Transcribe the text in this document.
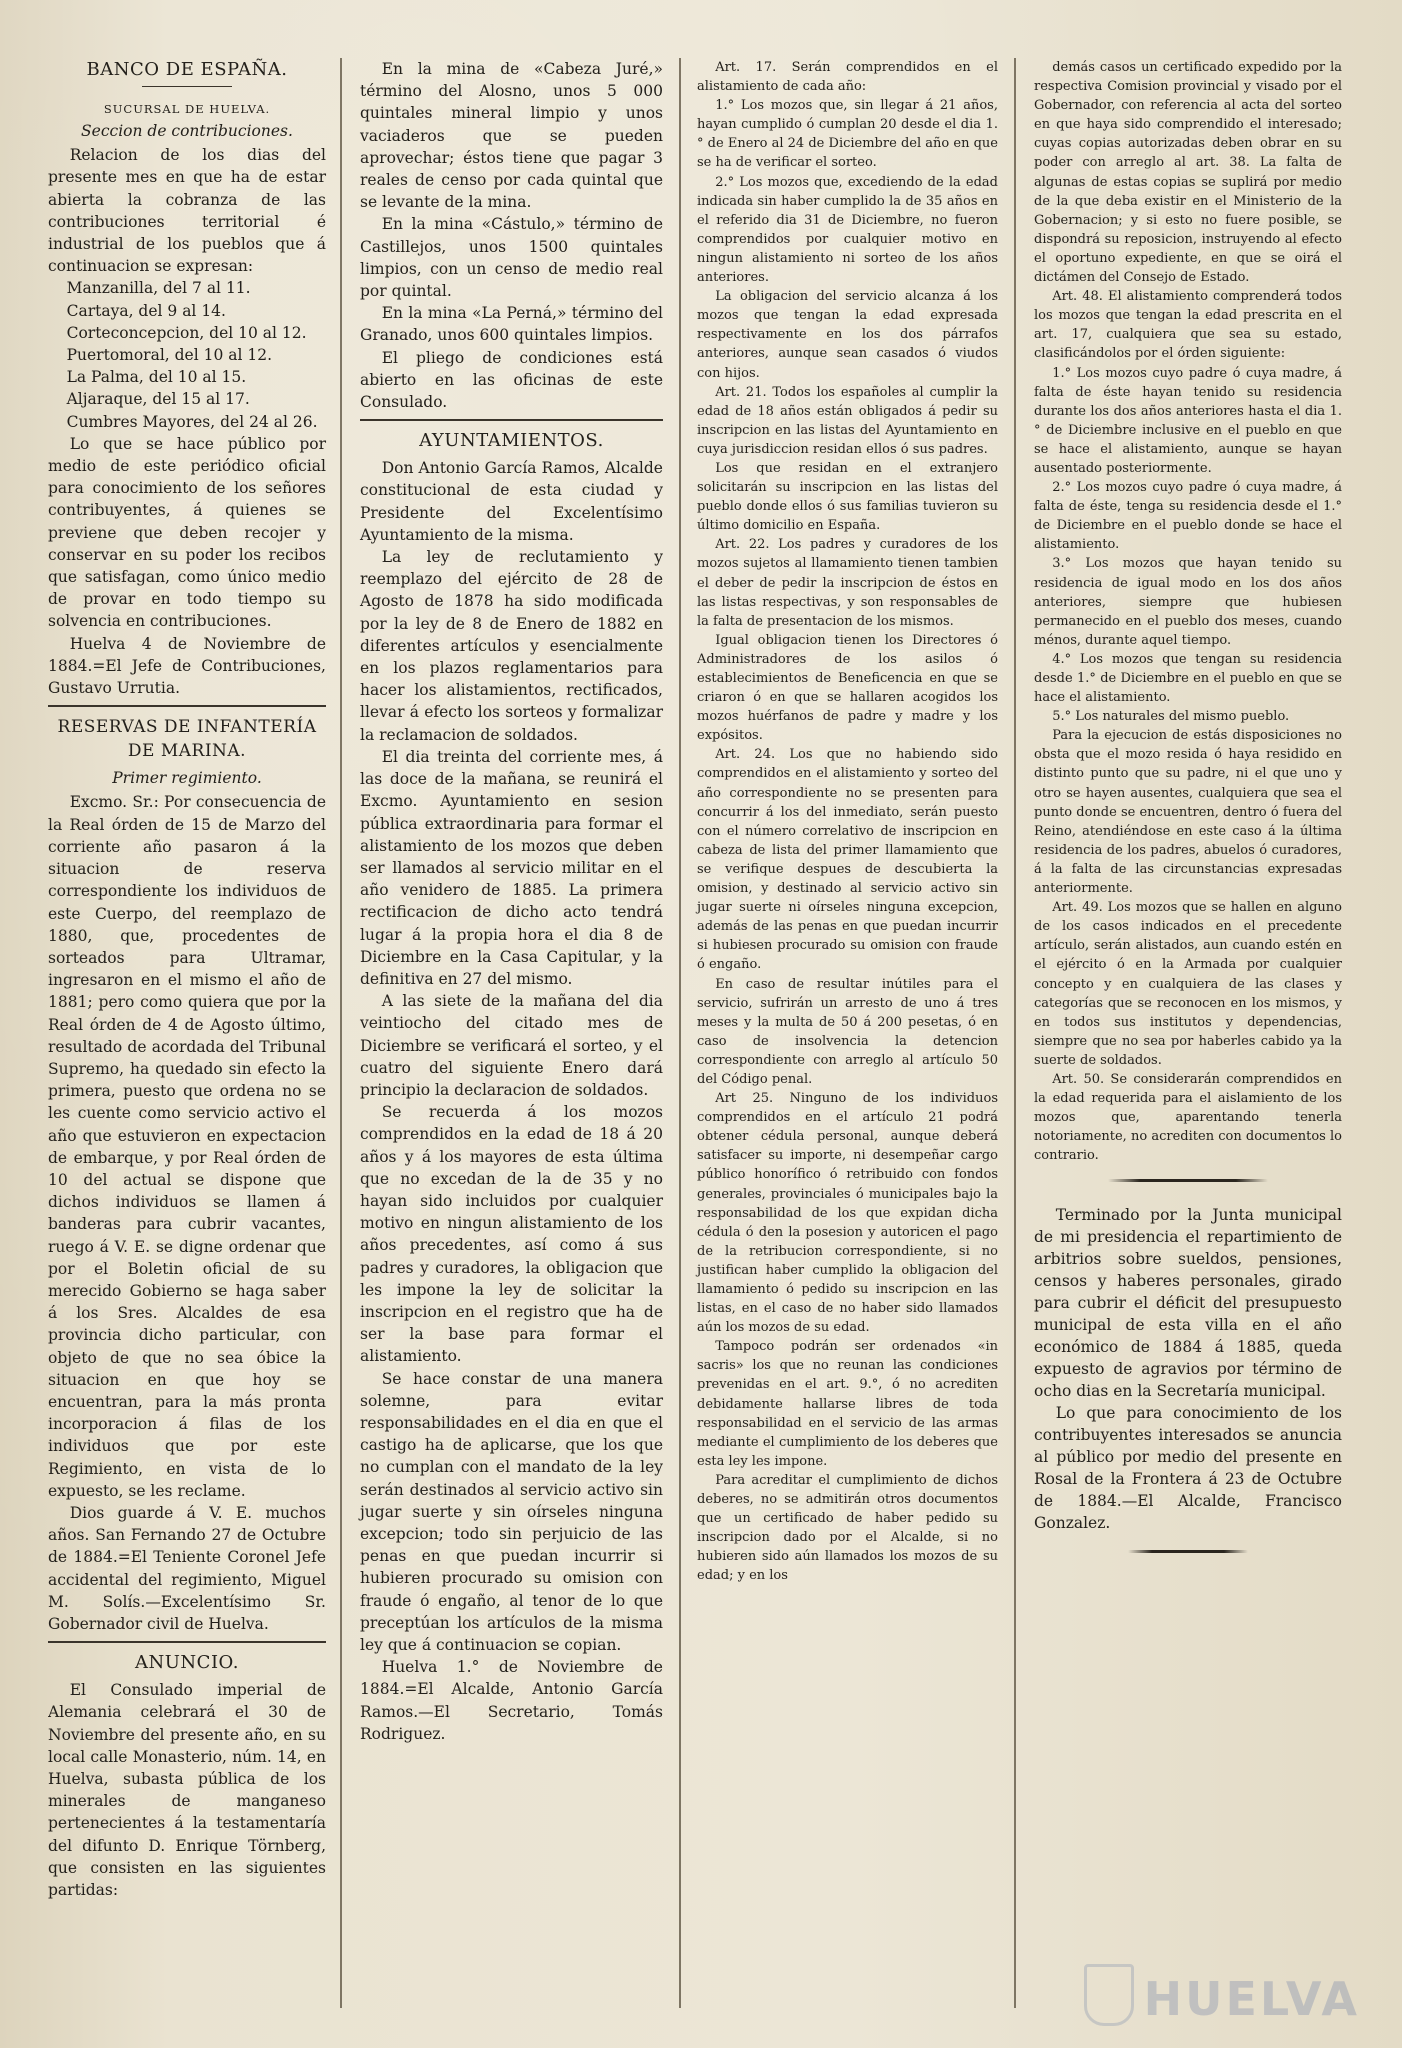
BANCO DE ESPAÑA.
SUCURSAL DE HUELVA.
Seccion de contribuciones.

Relacion de los dias del presente mes en que ha de estar abierta la cobranza de las contribuciones territorial é industrial de los pueblos que á continuacion se expresan:

Manzanilla, del 7 al 11.

Cartaya, del 9 al 14.

Corteconcepcion, del 10 al 12.

Puertomoral, del 10 al 12.

La Palma, del 10 al 15.

Aljaraque, del 15 al 17.

Cumbres Mayores, del 24 al 26.

Lo que se hace público por medio de este periódico oficial para conocimiento de los señores contribuyentes, á quienes se previene que deben recojer y conservar en su poder los recibos que satisfagan, como único medio de provar en todo tiempo su solvencia en contribuciones.

Huelva 4 de Noviembre de 1884.=El Jefe de Contribuciones, Gustavo Urrutia.

RESERVAS DE INFANTERÍA DE MARINA.
Primer regimiento.

Excmo. Sr.: Por consecuencia de la Real órden de 15 de Marzo del corriente año pasaron á la situacion de reserva correspondiente los individuos de este Cuerpo, del reemplazo de 1880, que, procedentes de sorteados para Ultramar, ingresaron en el mismo el año de 1881; pero como quiera que por la Real órden de 4 de Agosto último, resultado de acordada del Tribunal Supremo, ha quedado sin efecto la primera, puesto que ordena no se les cuente como servicio activo el año que estuvieron en expectacion de embarque, y por Real órden de 10 del actual se dispone que dichos individuos se llamen á banderas para cubrir vacantes, ruego á V. E. se digne ordenar que por el Boletin oficial de su merecido Gobierno se haga saber á los Sres. Alcaldes de esa provincia dicho particular, con objeto de que no sea óbice la situacion en que hoy se encuentran, para la más pronta incorporacion á filas de los individuos que por este Regimiento, en vista de lo expuesto, se les reclame.

Dios guarde á V. E. muchos años. San Fernando 27 de Octubre de 1884.=El Teniente Coronel Jefe accidental del regimiento, Miguel M. Solís.—Excelentísimo Sr. Gobernador civil de Huelva.

ANUNCIO.

El Consulado imperial de Alemania celebrará el 30 de Noviembre del presente año, en su local calle Monasterio, núm. 14, en Huelva, subasta pública de los minerales de manganeso pertenecientes á la testamentaría del difunto D. Enrique Törnberg, que consisten en las siguientes partidas:

En la mina de «Cabeza Juré,» término del Alosno, unos 5 000 quintales mineral limpio y unos vaciaderos que se pueden aprovechar; éstos tiene que pagar 3 reales de censo por cada quintal que se levante de la mina.

En la mina «Cástulo,» término de Castillejos, unos 1500 quintales limpios, con un censo de medio real por quintal.

En la mina «La Perná,» término del Granado, unos 600 quintales limpios.

El pliego de condiciones está abierto en las oficinas de este Consulado.

AYUNTAMIENTOS.

Don Antonio García Ramos, Alcalde constitucional de esta ciudad y Presidente del Excelentísimo Ayuntamiento de la misma.

La ley de reclutamiento y reemplazo del ejército de 28 de Agosto de 1878 ha sido modificada por la ley de 8 de Enero de 1882 en diferentes artículos y esencialmente en los plazos reglamentarios para hacer los alistamientos, rectificados, llevar á efecto los sorteos y formalizar la reclamacion de soldados.

El dia treinta del corriente mes, á las doce de la mañana, se reunirá el Excmo. Ayuntamiento en sesion pública extraordinaria para formar el alistamiento de los mozos que deben ser llamados al servicio militar en el año venidero de 1885. La primera rectificacion de dicho acto tendrá lugar á la propia hora el dia 8 de Diciembre en la Casa Capitular, y la definitiva en 27 del mismo.

A las siete de la mañana del dia veintiocho del citado mes de Diciembre se verificará el sorteo, y el cuatro del siguiente Enero dará principio la declaracion de soldados.

Se recuerda á los mozos comprendidos en la edad de 18 á 20 años y á los mayores de esta última que no excedan de la de 35 y no hayan sido incluidos por cualquier motivo en ningun alistamiento de los años precedentes, así como á sus padres y curadores, la obligacion que les impone la ley de solicitar la inscripcion en el registro que ha de ser la base para formar el alistamiento.

Se hace constar de una manera solemne, para evitar responsabilidades en el dia en que el castigo ha de aplicarse, que los que no cumplan con el mandato de la ley serán destinados al servicio activo sin jugar suerte y sin oírseles ninguna excepcion; todo sin perjuicio de las penas en que puedan incurrir si hubieren procurado su omision con fraude ó engaño, al tenor de lo que preceptúan los artículos de la misma ley que á continuacion se copian.

Huelva 1.° de Noviembre de 1884.=El Alcalde, Antonio García Ramos.—El Secretario, Tomás Rodriguez.

Art. 17. Serán comprendidos en el alistamiento de cada año:

1.° Los mozos que, sin llegar á 21 años, hayan cumplido ó cumplan 20 desde el dia 1.° de Enero al 24 de Diciembre del año en que se ha de verificar el sorteo.

2.° Los mozos que, excediendo de la edad indicada sin haber cumplido la de 35 años en el referido dia 31 de Diciembre, no fueron comprendidos por cualquier motivo en ningun alistamiento ni sorteo de los años anteriores.

La obligacion del servicio alcanza á los mozos que tengan la edad expresada respectivamente en los dos párrafos anteriores, aunque sean casados ó viudos con hijos.

Art. 21. Todos los españoles al cumplir la edad de 18 años están obligados á pedir su inscripcion en las listas del Ayuntamiento en cuya jurisdiccion residan ellos ó sus padres.

Los que residan en el extranjero solicitarán su inscripcion en las listas del pueblo donde ellos ó sus familias tuvieron su último domicilio en España.

Art. 22. Los padres y curadores de los mozos sujetos al llamamiento tienen tambien el deber de pedir la inscripcion de éstos en las listas respectivas, y son responsables de la falta de presentacion de los mismos.

Igual obligacion tienen los Directores ó Administradores de los asilos ó establecimientos de Beneficencia en que se criaron ó en que se hallaren acogidos los mozos huérfanos de padre y madre y los expósitos.

Art. 24. Los que no habiendo sido comprendidos en el alistamiento y sorteo del año correspondiente no se presenten para concurrir á los del inmediato, serán puesto con el número correlativo de inscripcion en cabeza de lista del primer llamamiento que se verifique despues de descubierta la omision, y destinado al servicio activo sin jugar suerte ni oírseles ninguna excepcion, además de las penas en que puedan incurrir si hubiesen procurado su omision con fraude ó engaño.

En caso de resultar inútiles para el servicio, sufrirán un arresto de uno á tres meses y la multa de 50 á 200 pesetas, ó en caso de insolvencia la detencion correspondiente con arreglo al artículo 50 del Código penal.

Art 25. Ninguno de los individuos comprendidos en el artículo 21 podrá obtener cédula personal, aunque deberá satisfacer su importe, ni desempeñar cargo público honorífico ó retribuido con fondos generales, provinciales ó municipales bajo la responsabilidad de los que expidan dicha cédula ó den la posesion y autoricen el pago de la retribucion correspondiente, si no justifican haber cumplido la obligacion del llamamiento ó pedido su inscripcion en las listas, en el caso de no haber sido llamados aún los mozos de su edad.

Tampoco podrán ser ordenados «in sacris» los que no reunan las condiciones prevenidas en el art. 9.°, ó no acrediten debidamente hallarse libres de toda responsabilidad en el servicio de las armas mediante el cumplimiento de los deberes que esta ley les impone.

Para acreditar el cumplimiento de dichos deberes, no se admitirán otros documentos que un certificado de haber pedido su inscripcion dado por el Alcalde, si no hubieren sido aún llamados los mozos de su edad; y en los

demás casos un certificado expedido por la respectiva Comision provincial y visado por el Gobernador, con referencia al acta del sorteo en que haya sido comprendido el interesado; cuyas copias autorizadas deben obrar en su poder con arreglo al art. 38. La falta de algunas de estas copias se suplirá por medio de la que deba existir en el Ministerio de la Gobernacion; y si esto no fuere posible, se dispondrá su reposicion, instruyendo al efecto el oportuno expediente, en que se oirá el dictámen del Consejo de Estado.

Art. 48. El alistamiento comprenderá todos los mozos que tengan la edad prescrita en el art. 17, cualquiera que sea su estado, clasificándolos por el órden siguiente:

1.° Los mozos cuyo padre ó cuya madre, á falta de éste hayan tenido su residencia durante los dos años anteriores hasta el dia 1.° de Diciembre inclusive en el pueblo en que se hace el alistamiento, aunque se hayan ausentado posteriormente.

2.° Los mozos cuyo padre ó cuya madre, á falta de éste, tenga su residencia desde el 1.° de Diciembre en el pueblo donde se hace el alistamiento.

3.° Los mozos que hayan tenido su residencia de igual modo en los dos años anteriores, siempre que hubiesen permanecido en el pueblo dos meses, cuando ménos, durante aquel tiempo.

4.° Los mozos que tengan su residencia desde 1.° de Diciembre en el pueblo en que se hace el alistamiento.

5.° Los naturales del mismo pueblo.

Para la ejecucion de estás disposiciones no obsta que el mozo resida ó haya residido en distinto punto que su padre, ni el que uno y otro se hayen ausentes, cualquiera que sea el punto donde se encuentren, dentro ó fuera del Reino, atendiéndose en este caso á la última residencia de los padres, abuelos ó curadores, á la falta de las circunstancias expresadas anteriormente.

Art. 49. Los mozos que se hallen en alguno de los casos indicados en el precedente artículo, serán alistados, aun cuando estén en el ejército ó en la Armada por cualquier concepto y en cualquiera de las clases y categorías que se reconocen en los mismos, y en todos sus institutos y dependencias, siempre que no sea por haberles cabido ya la suerte de soldados.

Art. 50. Se considerarán comprendidos en la edad requerida para el aislamiento de los mozos que, aparentando tenerla notoriamente, no acrediten con documentos lo contrario.

Terminado por la Junta municipal de mi presidencia el repartimiento de arbitrios sobre sueldos, pensiones, censos y haberes personales, girado para cubrir el déficit del presupuesto municipal de esta villa en el año económico de 1884 á 1885, queda expuesto de agravios por término de ocho dias en la Secretaría municipal.

Lo que para conocimiento de los contribuyentes interesados se anuncia al público por medio del presente en Rosal de la Frontera á 23 de Octubre de 1884.—El Alcalde, Francisco Gonzalez.

HUELVA
